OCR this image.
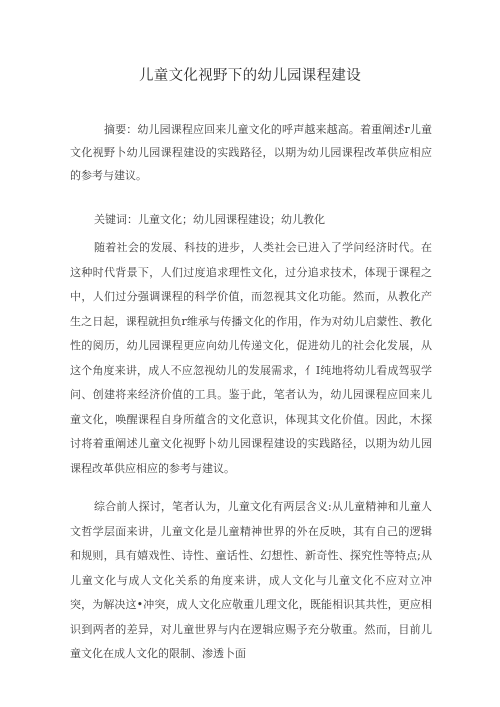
儿童文化视野下的幼儿园课程建设

摘要：幼儿园课程应回来儿童文化的呼声越来越高。着重阐述r儿童文化视野卜幼儿园课程建设的实践路径，以期为幼儿园课程改革供应相应的参考与建议。

关键词：儿童文化；幼儿园课程建设；幼儿教化

随着社会的发展、科技的进步，人类社会已进入了学问经济时代。在这种时代背景下，人们过度追求理性文化，过分追求技术，体现于课程之中，人们过分强调课程的科学价值，而忽视其文化功能。然而，从教化产生之日起，课程就担负r维承与传播文化的作用，作为对幼儿启蒙性、教化性的阅历，幼儿园课程更应向幼儿传递文化，促进幼儿的社会化发展，从这个角度来讲，成人不应忽视幼儿的发展需求，亻I纯地将幼儿看成驾驭学问、创建将来经济价值的工具。鉴于此，笔者认为，幼儿园课程应回来儿童文化，唤醒课程自身所蕴含的文化意识，体现其文化价值。因此，木探讨将着重阐述儿童文化视野卜幼儿园课程建设的实践路径，以期为幼儿园课程改革供应相应的参考与建议。

综合前人探讨，笔者认为，儿童文化有两层含义:从儿童精神和儿童人文哲学层面来讲，儿童文化是儿童精神世界的外在反映，其有自己的逻辑和规则，具有嬉戏性、诗性、童话性、幻想性、新奇性、探究性等特点;从儿童文化与成人文化关系的角度来讲，成人文化与儿童文化不应对立冲突，为解决这•冲突，成人文化应敬重儿理文化，既能相识其共性，更应相识到两者的差异，对儿童世界与内在逻辑应赐予充分敬重。然而，目前儿童文化在成人文化的限制、渗透卜面
